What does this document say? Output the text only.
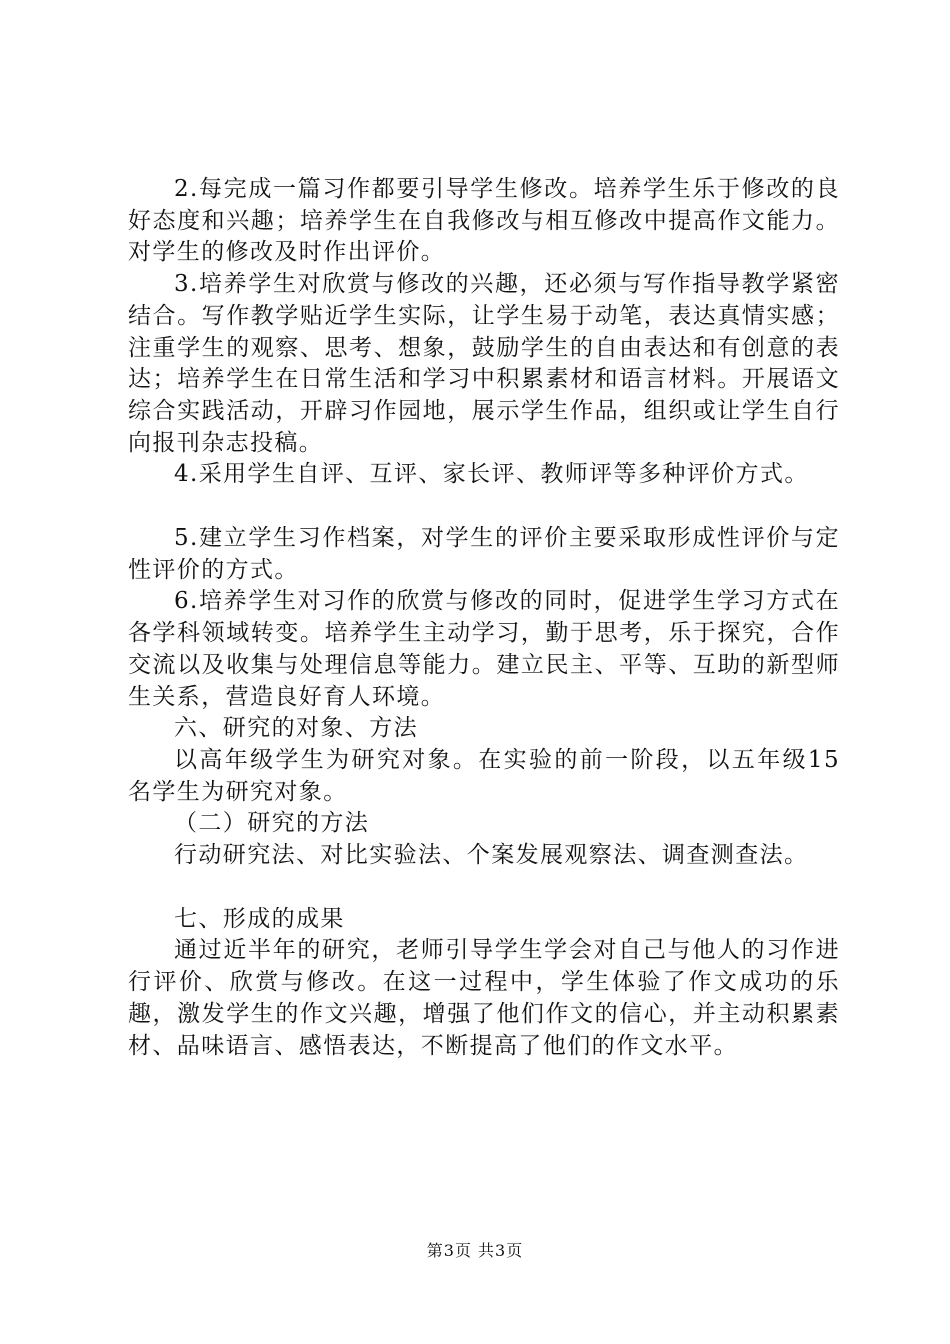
2.每完成一篇习作都要引导学生修改。培养学生乐于修改的良好态度和兴趣；培养学生在自我修改与相互修改中提高作文能力。对学生的修改及时作出评价。

3.培养学生对欣赏与修改的兴趣，还必须与写作指导教学紧密结合。写作教学贴近学生实际，让学生易于动笔，表达真情实感；注重学生的观察、思考、想象，鼓励学生的自由表达和有创意的表达；培养学生在日常生活和学习中积累素材和语言材料。开展语文综合实践活动，开辟习作园地，展示学生作品，组织或让学生自行向报刊杂志投稿。

4.采用学生自评、互评、家长评、教师评等多种评价方式。

5.建立学生习作档案，对学生的评价主要采取形成性评价与定性评价的方式。

6.培养学生对习作的欣赏与修改的同时，促进学生学习方式在各学科领域转变。培养学生主动学习，勤于思考，乐于探究，合作交流以及收集与处理信息等能力。建立民主、平等、互助的新型师生关系，营造良好育人环境。

六、研究的对象、方法

以高年级学生为研究对象。在实验的前一阶段，以五年级15名学生为研究对象。

（二）研究的方法

行动研究法、对比实验法、个案发展观察法、调查测查法。

七、形成的成果

通过近半年的研究，老师引导学生学会对自己与他人的习作进行评价、欣赏与修改。在这一过程中，学生体验了作文成功的乐趣，激发学生的作文兴趣，增强了他们作文的信心，并主动积累素材、品味语言、感悟表达，不断提高了他们的作文水平。

第3页 共3页
